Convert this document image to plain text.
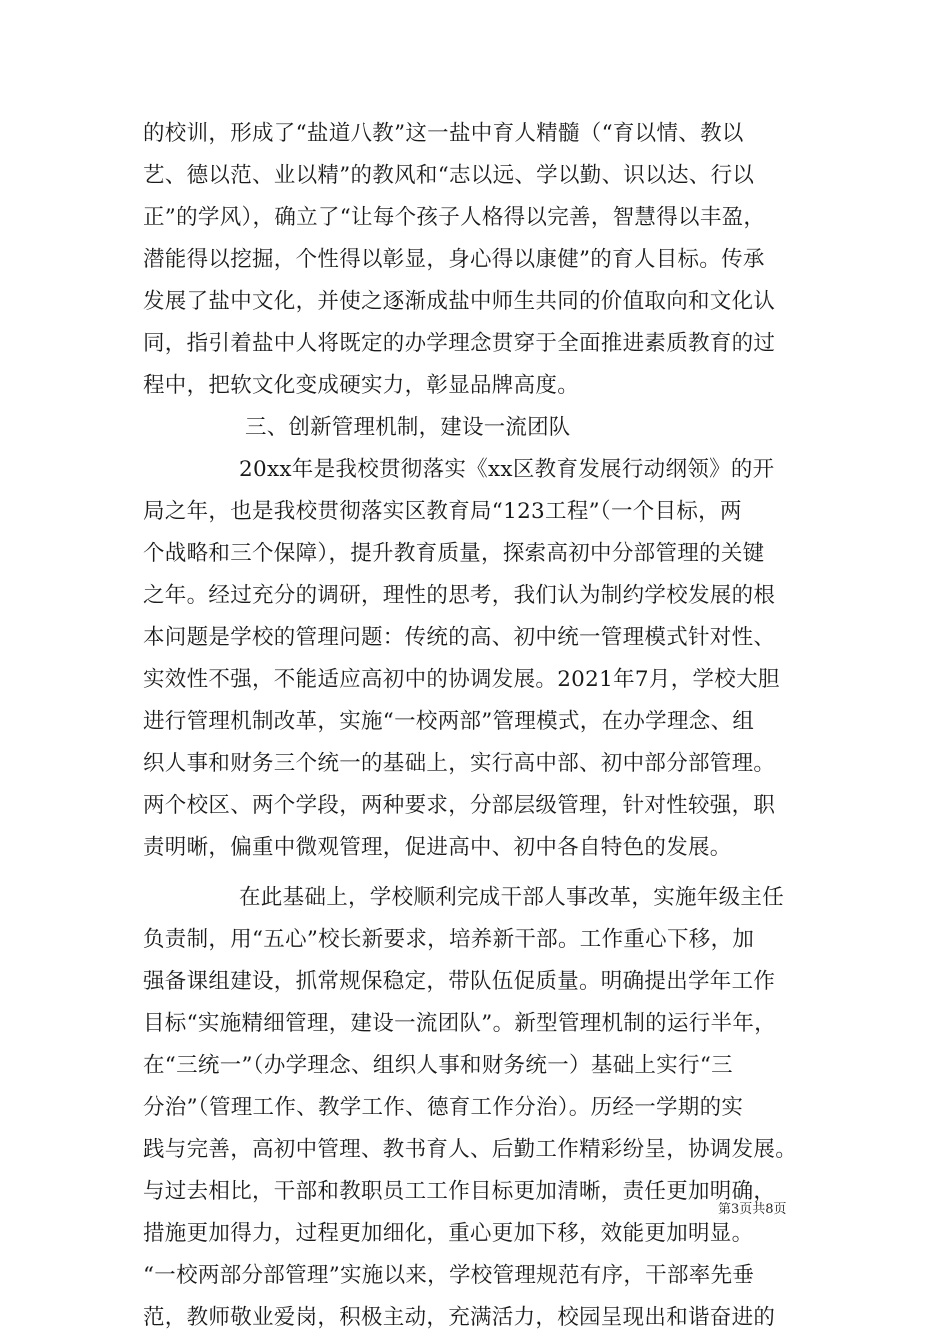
的校训，形成了“盐道八教”这一盐中育人精髓（“育以情、教以
艺、德以范、业以精”的教风和“志以远、学以勤、识以达、行以
正”的学风），确立了“让每个孩子人格得以完善，智慧得以丰盈，
潜能得以挖掘，个性得以彰显，身心得以康健”的育人目标。传承
发展了盐中文化，并使之逐渐成盐中师生共同的价值取向和文化认
同，指引着盐中人将既定的办学理念贯穿于全面推进素质教育的过
程中，把软文化变成硬实力，彰显品牌高度。
三、创新管理机制，建设一流团队
20xx年是我校贯彻落实《xx区教育发展行动纲领》的开
局之年，也是我校贯彻落实区教育局“123工程”（一个目标，两
个战略和三个保障），提升教育质量，探索高初中分部管理的关键
之年。经过充分的调研，理性的思考，我们认为制约学校发展的根
本问题是学校的管理问题：传统的高、初中统一管理模式针对性、
实效性不强，不能适应高初中的协调发展。2021年7月，学校大胆
进行管理机制改革，实施“一校两部”管理模式，在办学理念、组
织人事和财务三个统一的基础上，实行高中部、初中部分部管理。
两个校区、两个学段，两种要求，分部层级管理，针对性较强，职
责明晰，偏重中微观管理，促进高中、初中各自特色的发展。
在此基础上，学校顺利完成干部人事改革，实施年级主任
负责制，用“五心”校长新要求，培养新干部。工作重心下移，加
强备课组建设，抓常规保稳定，带队伍促质量。明确提出学年工作
目标“实施精细管理，建设一流团队”。新型管理机制的运行半年，
在“三统一”（办学理念、组织人事和财务统一）基础上实行“三
分治”（管理工作、教学工作、德育工作分治）。历经一学期的实
践与完善，高初中管理、教书育人、后勤工作精彩纷呈，协调发展。
与过去相比，干部和教职员工工作目标更加清晰，责任更加明确，
措施更加得力，过程更加细化，重心更加下移，效能更加明显。
“一校两部分部管理”实施以来，学校管理规范有序，干部率先垂
范，教师敬业爱岗，积极主动，充满活力，校园呈现出和谐奋进的
第3页共8页
